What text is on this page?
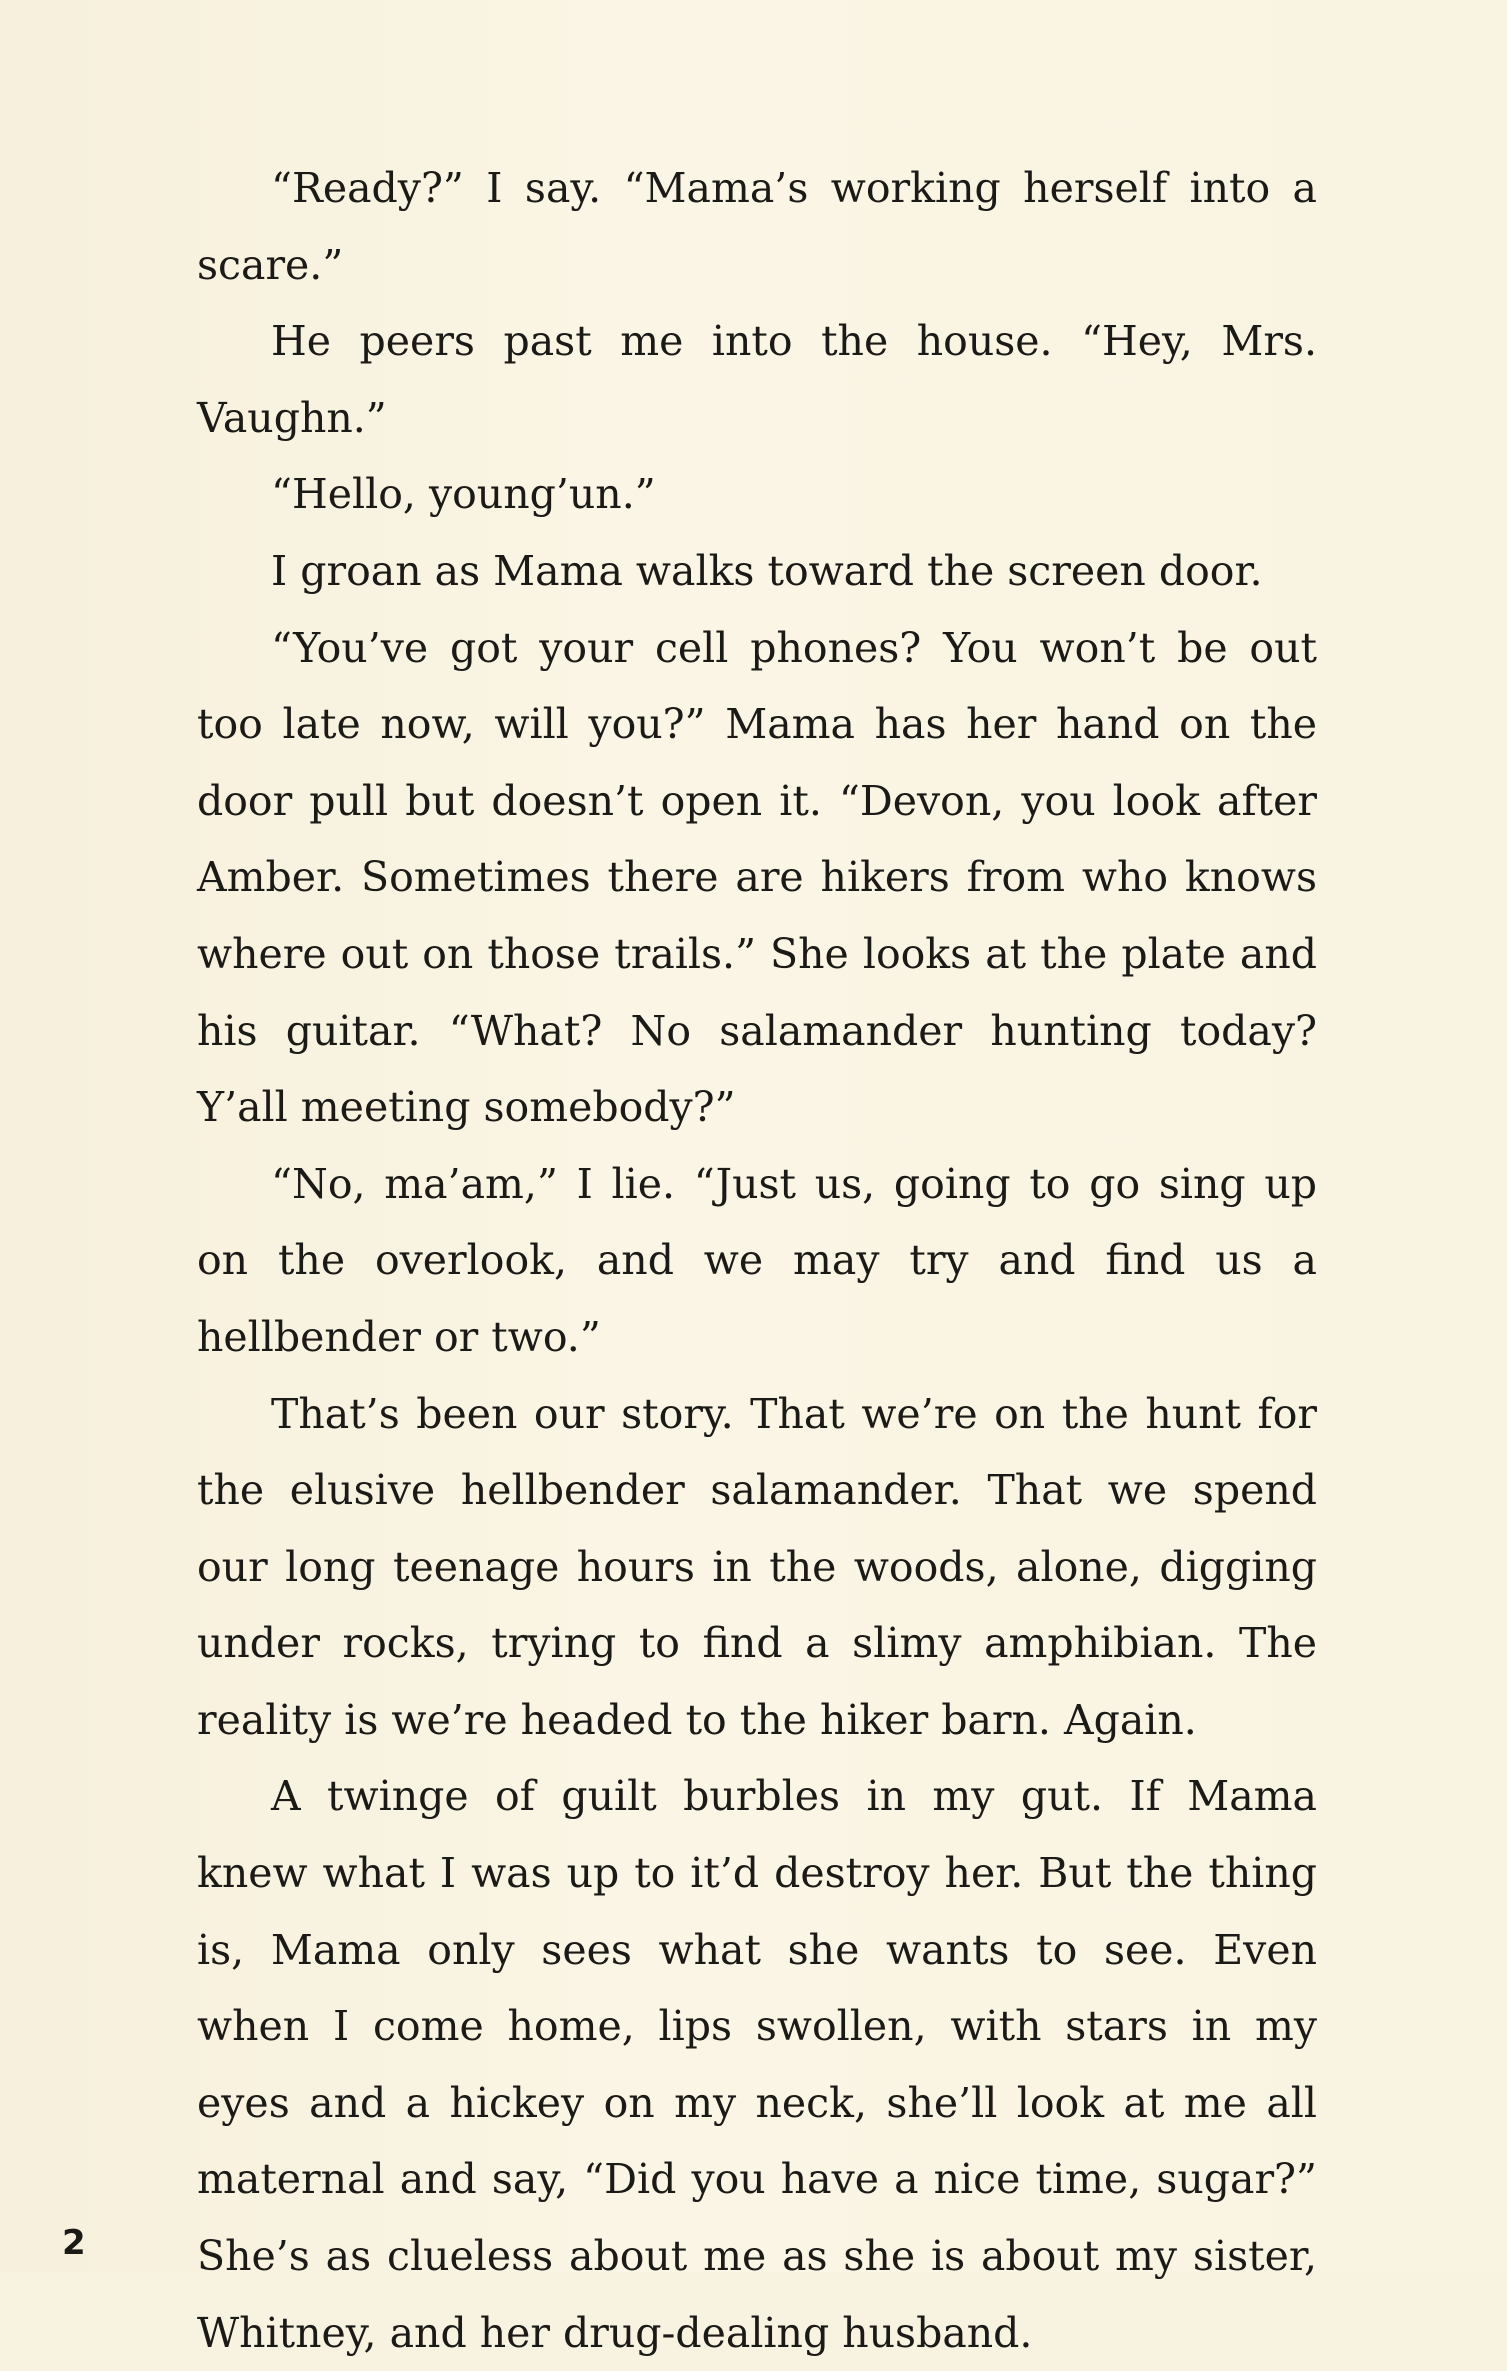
“Ready?” I say. “Mama’s working herself into a scare.”

He peers past me into the house. “Hey, Mrs. Vaughn.”

“Hello, young’un.”

I groan as Mama walks toward the screen door.

“You’ve got your cell phones? You won’t be out too late now, will you?” Mama has her hand on the door pull but doesn’t open it. “Devon, you look after Amber. Sometimes there are hikers from who knows where out on those trails.” She looks at the plate and his guitar. “What? No salamander hunting today? Y’all meeting somebody?”

“No, ma’am,” I lie. “Just us, going to go sing up on the overlook, and we may try and find us a hellbender or two.”

That’s been our story. That we’re on the hunt for the elusive hellbender salamander. That we spend our long teenage hours in the woods, alone, digging under rocks, trying to find a slimy amphibian. The reality is we’re headed to the hiker barn. Again.

A twinge of guilt burbles in my gut. If Mama knew what I was up to it’d destroy her. But the thing is, Mama only sees what she wants to see. Even when I come home, lips swollen, with stars in my eyes and a hickey on my neck, she’ll look at me all maternal and say, “Did you have a nice time, sugar?” She’s as clueless about me as she is about my sister, Whitney, and her drug-dealing husband.

2
